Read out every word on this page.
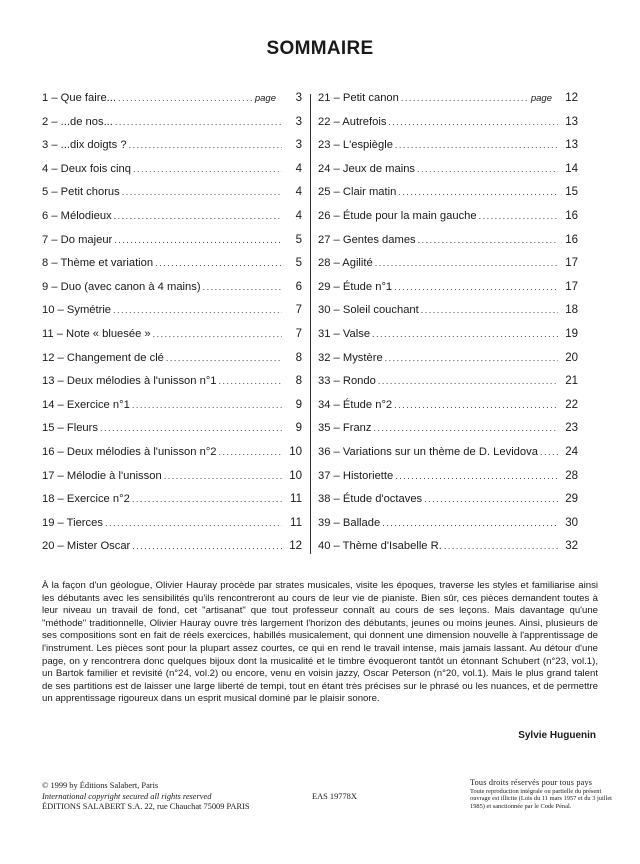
SOMMAIRE
1 – Que faire... .....	page	3
2 – ...de nos... .....	3
3 – ...dix doigts ? .....	3
4 – Deux fois cinq .....	4
5 – Petit chorus .....	4
6 – Mélodieux .....	4
7 – Do majeur .....	5
8 – Thème et variation .....	5
9 – Duo (avec canon à 4 mains) .....	6
10 – Symétrie .....	7
11 – Note « bluesée » .....	7
12 – Changement de clé .....	8
13 – Deux mélodies à l'unisson n°1 .....	8
14 – Exercice n°1 .....	9
15 – Fleurs .....	9
16 – Deux mélodies à l'unisson n°2 .....	10
17 – Mélodie à l'unisson .....	10
18 – Exercice n°2 .....	11
19 – Tierces .....	11
20 – Mister Oscar .....	12
21 – Petit canon .....	page	12
22 – Autrefois .....	13
23 – L'espiègle .....	13
24 – Jeux de mains .....	14
25 – Clair matin .....	15
26 – Étude pour la main gauche .....	16
27 – Gentes dames .....	16
28 – Agilité .....	17
29 – Étude n°1 .....	17
30 – Soleil couchant .....	18
31 – Valse .....	19
32 – Mystère .....	20
33 – Rondo .....	21
34 – Étude n°2 .....	22
35 – Franz .....	23
36 – Variations sur un thème de D. Levidova .....	24
37 – Historiette .....	28
38 – Étude d'octaves .....	29
39 – Ballade .....	30
40 – Thème d'Isabelle R. .....	32

À la façon d'un géologue, Olivier Hauray procède par strates musicales, visite les époques, traverse les styles et familiarise ainsi les débutants avec les sensibilités qu'ils rencontreront au cours de leur vie de pianiste. Bien sûr, ces pièces demandent toutes à leur niveau un travail de fond, cet "artisanat" que tout professeur connaît au cours de ses leçons. Mais davantage qu'une "méthode" traditionnelle, Olivier Hauray ouvre très largement l'horizon des débutants, jeunes ou moins jeunes. Ainsi, plusieurs de ses compositions sont en fait de réels exercices, habillés musicalement, qui donnent une dimension nouvelle à l'apprentissage de l'instrument. Les pièces sont pour la plupart assez courtes, ce qui en rend le travail intense, mais jamais lassant. Au détour d'une page, on y rencontrera donc quelques bijoux dont la musicalité et le timbre évoqueront tantôt un étonnant Schubert (n°23, vol.1), un Bartok familier et revisité (n°24, vol.2) ou encore, venu en voisin jazzy, Oscar Peterson (n°20, vol.1). Mais le plus grand talent de ses partitions est de laisser une large liberté de tempi, tout en étant très précises sur le phrasé ou les nuances, et de permettre un apprentissage rigoureux dans un esprit musical dominé par le plaisir sonore.

Sylvie Huguenin
© 1999 by Éditions Salabert, Paris
International copyright secured all rights reserved
ÉDITIONS SALABERT S.A. 22, rue Chauchat 75009 PARIS
EAS 19778X
Tous droits réservés pour tous pays
Toute reproduction intégrale ou partielle du présent ouvrage est illicite (Lois du 11 mars 1957 et du 3 juillet 1985) et sanctionnée par le Code Pénal.
